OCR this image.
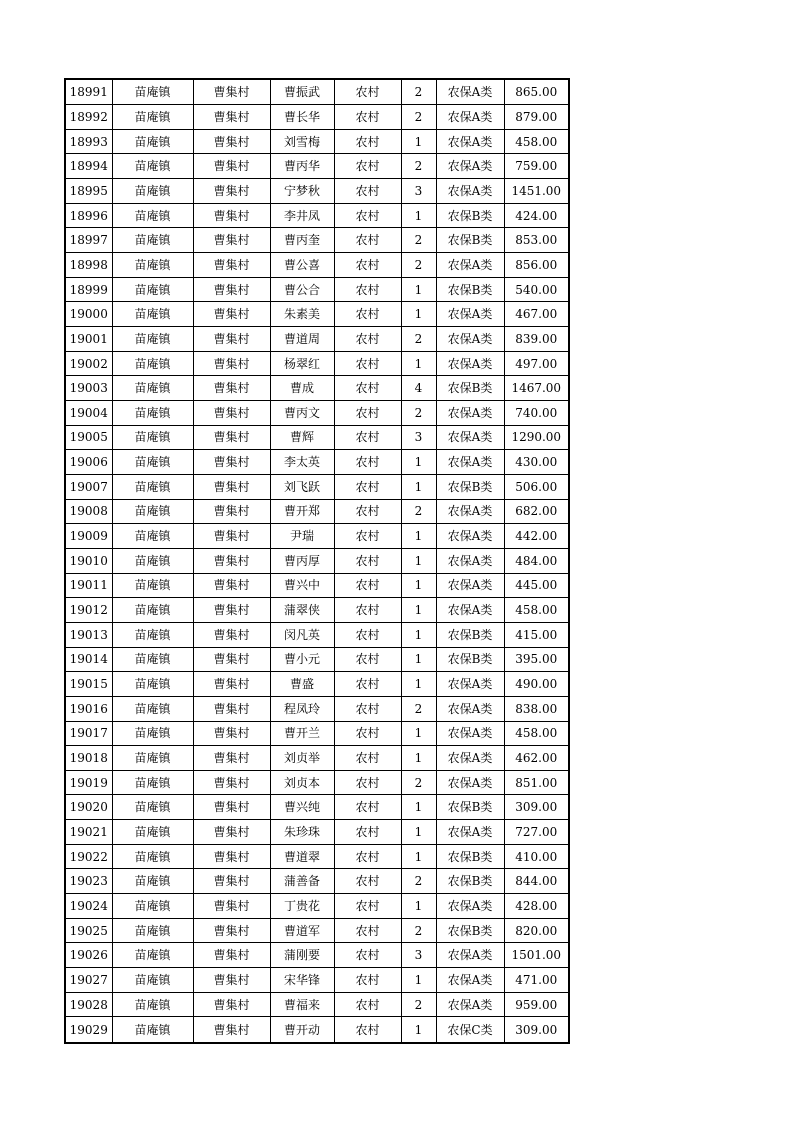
18991	苗庵镇	曹集村	曹振武	农村	2	农保A类	865.00
18992	苗庵镇	曹集村	曹长华	农村	2	农保A类	879.00
18993	苗庵镇	曹集村	刘雪梅	农村	1	农保A类	458.00
18994	苗庵镇	曹集村	曹丙华	农村	2	农保A类	759.00
18995	苗庵镇	曹集村	宁梦秋	农村	3	农保A类	1451.00
18996	苗庵镇	曹集村	李井凤	农村	1	农保B类	424.00
18997	苗庵镇	曹集村	曹丙奎	农村	2	农保B类	853.00
18998	苗庵镇	曹集村	曹公喜	农村	2	农保A类	856.00
18999	苗庵镇	曹集村	曹公合	农村	1	农保B类	540.00
19000	苗庵镇	曹集村	朱素美	农村	1	农保A类	467.00
19001	苗庵镇	曹集村	曹道周	农村	2	农保A类	839.00
19002	苗庵镇	曹集村	杨翠红	农村	1	农保A类	497.00
19003	苗庵镇	曹集村	曹成	农村	4	农保B类	1467.00
19004	苗庵镇	曹集村	曹丙文	农村	2	农保A类	740.00
19005	苗庵镇	曹集村	曹辉	农村	3	农保A类	1290.00
19006	苗庵镇	曹集村	李太英	农村	1	农保A类	430.00
19007	苗庵镇	曹集村	刘飞跃	农村	1	农保B类	506.00
19008	苗庵镇	曹集村	曹开郑	农村	2	农保A类	682.00
19009	苗庵镇	曹集村	尹瑞	农村	1	农保A类	442.00
19010	苗庵镇	曹集村	曹丙厚	农村	1	农保A类	484.00
19011	苗庵镇	曹集村	曹兴中	农村	1	农保A类	445.00
19012	苗庵镇	曹集村	蒲翠侠	农村	1	农保A类	458.00
19013	苗庵镇	曹集村	闵凡英	农村	1	农保B类	415.00
19014	苗庵镇	曹集村	曹小元	农村	1	农保B类	395.00
19015	苗庵镇	曹集村	曹盛	农村	1	农保A类	490.00
19016	苗庵镇	曹集村	程凤玲	农村	2	农保A类	838.00
19017	苗庵镇	曹集村	曹开兰	农村	1	农保A类	458.00
19018	苗庵镇	曹集村	刘贞举	农村	1	农保A类	462.00
19019	苗庵镇	曹集村	刘贞本	农村	2	农保A类	851.00
19020	苗庵镇	曹集村	曹兴纯	农村	1	农保B类	309.00
19021	苗庵镇	曹集村	朱珍珠	农村	1	农保A类	727.00
19022	苗庵镇	曹集村	曹道翠	农村	1	农保B类	410.00
19023	苗庵镇	曹集村	蒲善备	农村	2	农保B类	844.00
19024	苗庵镇	曹集村	丁贵花	农村	1	农保A类	428.00
19025	苗庵镇	曹集村	曹道军	农村	2	农保B类	820.00
19026	苗庵镇	曹集村	蒲刚要	农村	3	农保A类	1501.00
19027	苗庵镇	曹集村	宋华锋	农村	1	农保A类	471.00
19028	苗庵镇	曹集村	曹福来	农村	2	农保A类	959.00
19029	苗庵镇	曹集村	曹开动	农村	1	农保C类	309.00
